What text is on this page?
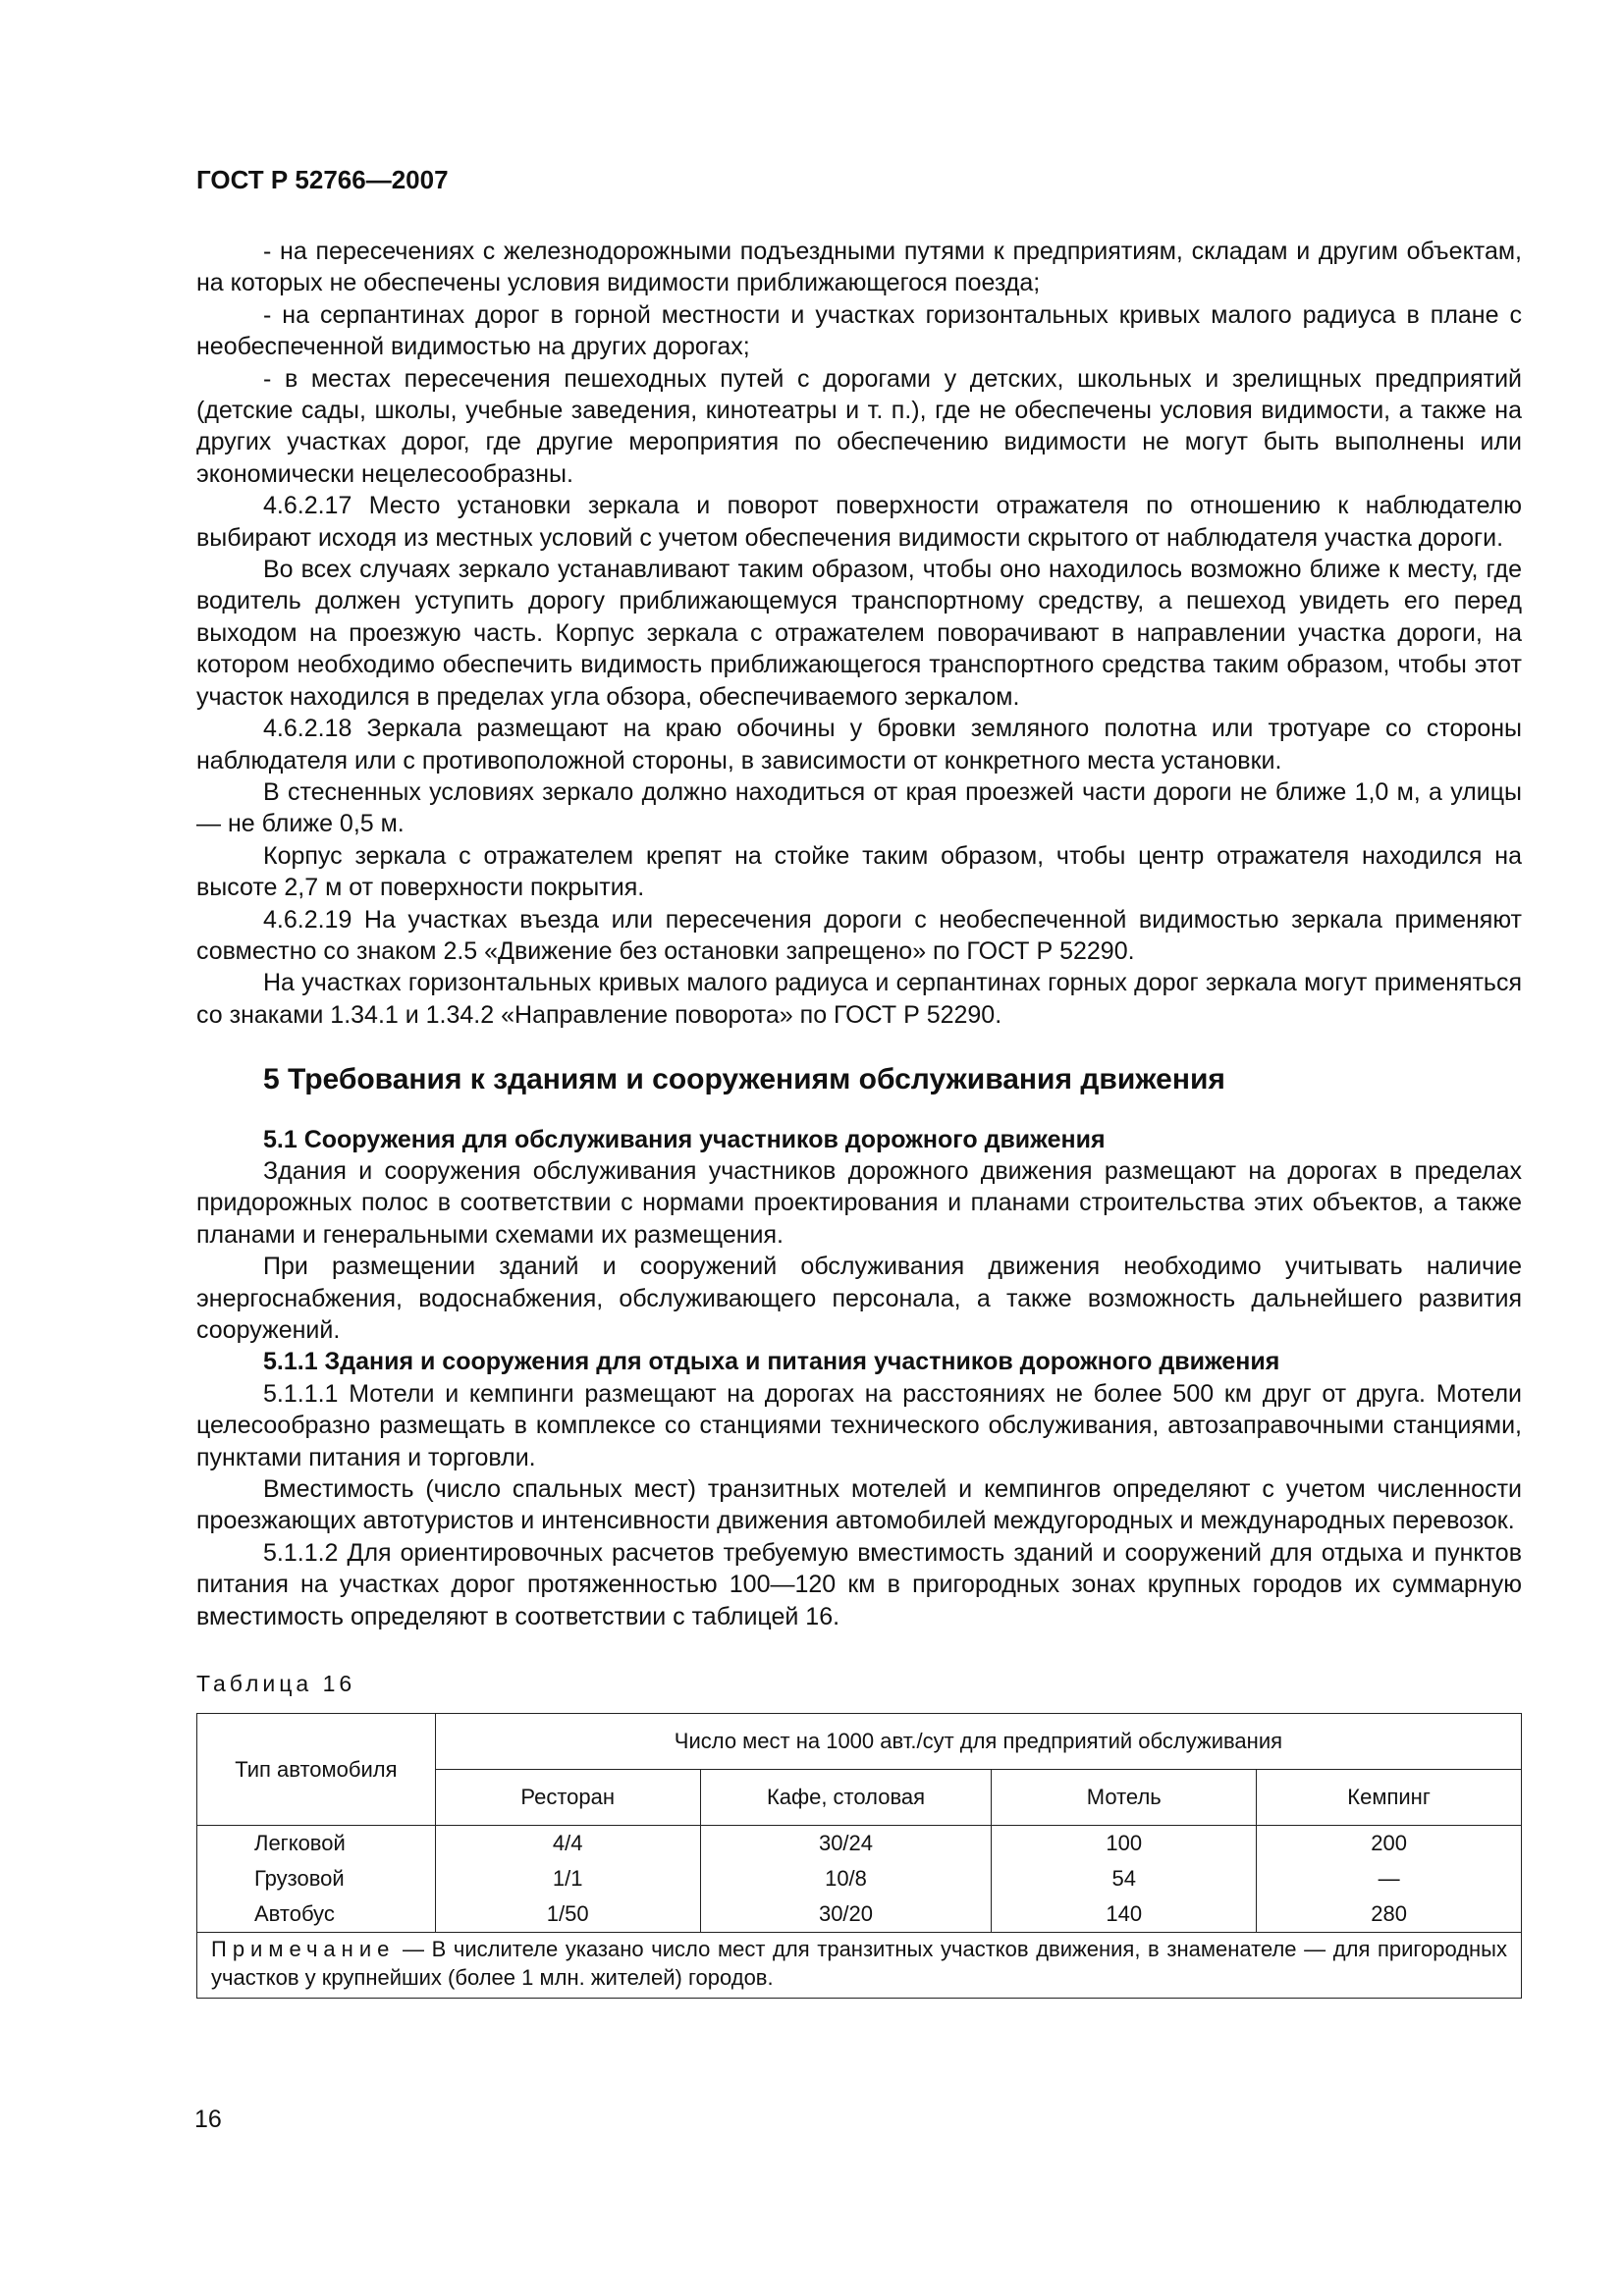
ГОСТ Р 52766—2007

- на пересечениях с железнодорожными подъездными путями к предприятиям, складам и другим объектам, на которых не обеспечены условия видимости приближающегося поезда;

- на серпантинах дорог в горной местности и участках горизонтальных кривых малого радиуса в плане с необеспеченной видимостью на других дорогах;

- в местах пересечения пешеходных путей с дорогами у детских, школьных и зрелищных предприятий (детские сады, школы, учебные заведения, кинотеатры и т. п.), где не обеспечены условия видимости, а также на других участках дорог, где другие мероприятия по обеспечению видимости не могут быть выполнены или экономически нецелесообразны.

4.6.2.17 Место установки зеркала и поворот поверхности отражателя по отношению к наблюдателю выбирают исходя из местных условий с учетом обеспечения видимости скрытого от наблюдателя участка дороги.

Во всех случаях зеркало устанавливают таким образом, чтобы оно находилось возможно ближе к месту, где водитель должен уступить дорогу приближающемуся транспортному средству, а пешеход увидеть его перед выходом на проезжую часть. Корпус зеркала с отражателем поворачивают в направлении участка дороги, на котором необходимо обеспечить видимость приближающегося транспортного средства таким образом, чтобы этот участок находился в пределах угла обзора, обеспечиваемого зеркалом.

4.6.2.18 Зеркала размещают на краю обочины у бровки земляного полотна или тротуаре со стороны наблюдателя или с противоположной стороны, в зависимости от конкретного места установки.

В стесненных условиях зеркало должно находиться от края проезжей части дороги не ближе 1,0 м, а улицы — не ближе 0,5 м.

Корпус зеркала с отражателем крепят на стойке таким образом, чтобы центр отражателя находился на высоте 2,7 м от поверхности покрытия.

4.6.2.19 На участках въезда или пересечения дороги с необеспеченной видимостью зеркала применяют совместно со знаком 2.5 «Движение без остановки запрещено» по ГОСТ Р 52290.

На участках горизонтальных кривых малого радиуса и серпантинах горных дорог зеркала могут применяться со знаками 1.34.1 и 1.34.2 «Направление поворота» по ГОСТ Р 52290.

5 Требования к зданиям и сооружениям обслуживания движения

5.1 Сооружения для обслуживания участников дорожного движения

Здания и сооружения обслуживания участников дорожного движения размещают на дорогах в пределах придорожных полос в соответствии с нормами проектирования и планами строительства этих объектов, а также планами и генеральными схемами их размещения.

При размещении зданий и сооружений обслуживания движения необходимо учитывать наличие энергоснабжения, водоснабжения, обслуживающего персонала, а также возможность дальнейшего развития сооружений.

5.1.1 Здания и сооружения для отдыха и питания участников дорожного движения

5.1.1.1 Мотели и кемпинги размещают на дорогах на расстояниях не более 500 км друг от друга. Мотели целесообразно размещать в комплексе со станциями технического обслуживания, автозаправочными станциями, пунктами питания и торговли.

Вместимость (число спальных мест) транзитных мотелей и кемпингов определяют с учетом численности проезжающих автотуристов и интенсивности движения автомобилей междугородных и международных перевозок.

5.1.1.2 Для ориентировочных расчетов требуемую вместимость зданий и сооружений для отдыха и пунктов питания на участках дорог протяженностью 100—120 км в пригородных зонах крупных городов их суммарную вместимость определяют в соответствии с таблицей 16.

Таблица 16

Тип автомобиля	Число мест на 1000 авт./сут для предприятий обслуживания			
	Ресторан	Кафе, столовая	Мотель	Кемпинг
Легковой	4/4	30/24	100	200
Грузовой	1/1	10/8	54	—
Автобус	1/50	30/20	140	280
Примечание — В числителе указано число мест для транзитных участков движения, в знаменателе — для пригородных участков у крупнейших (более 1 млн. жителей) городов.				
16
